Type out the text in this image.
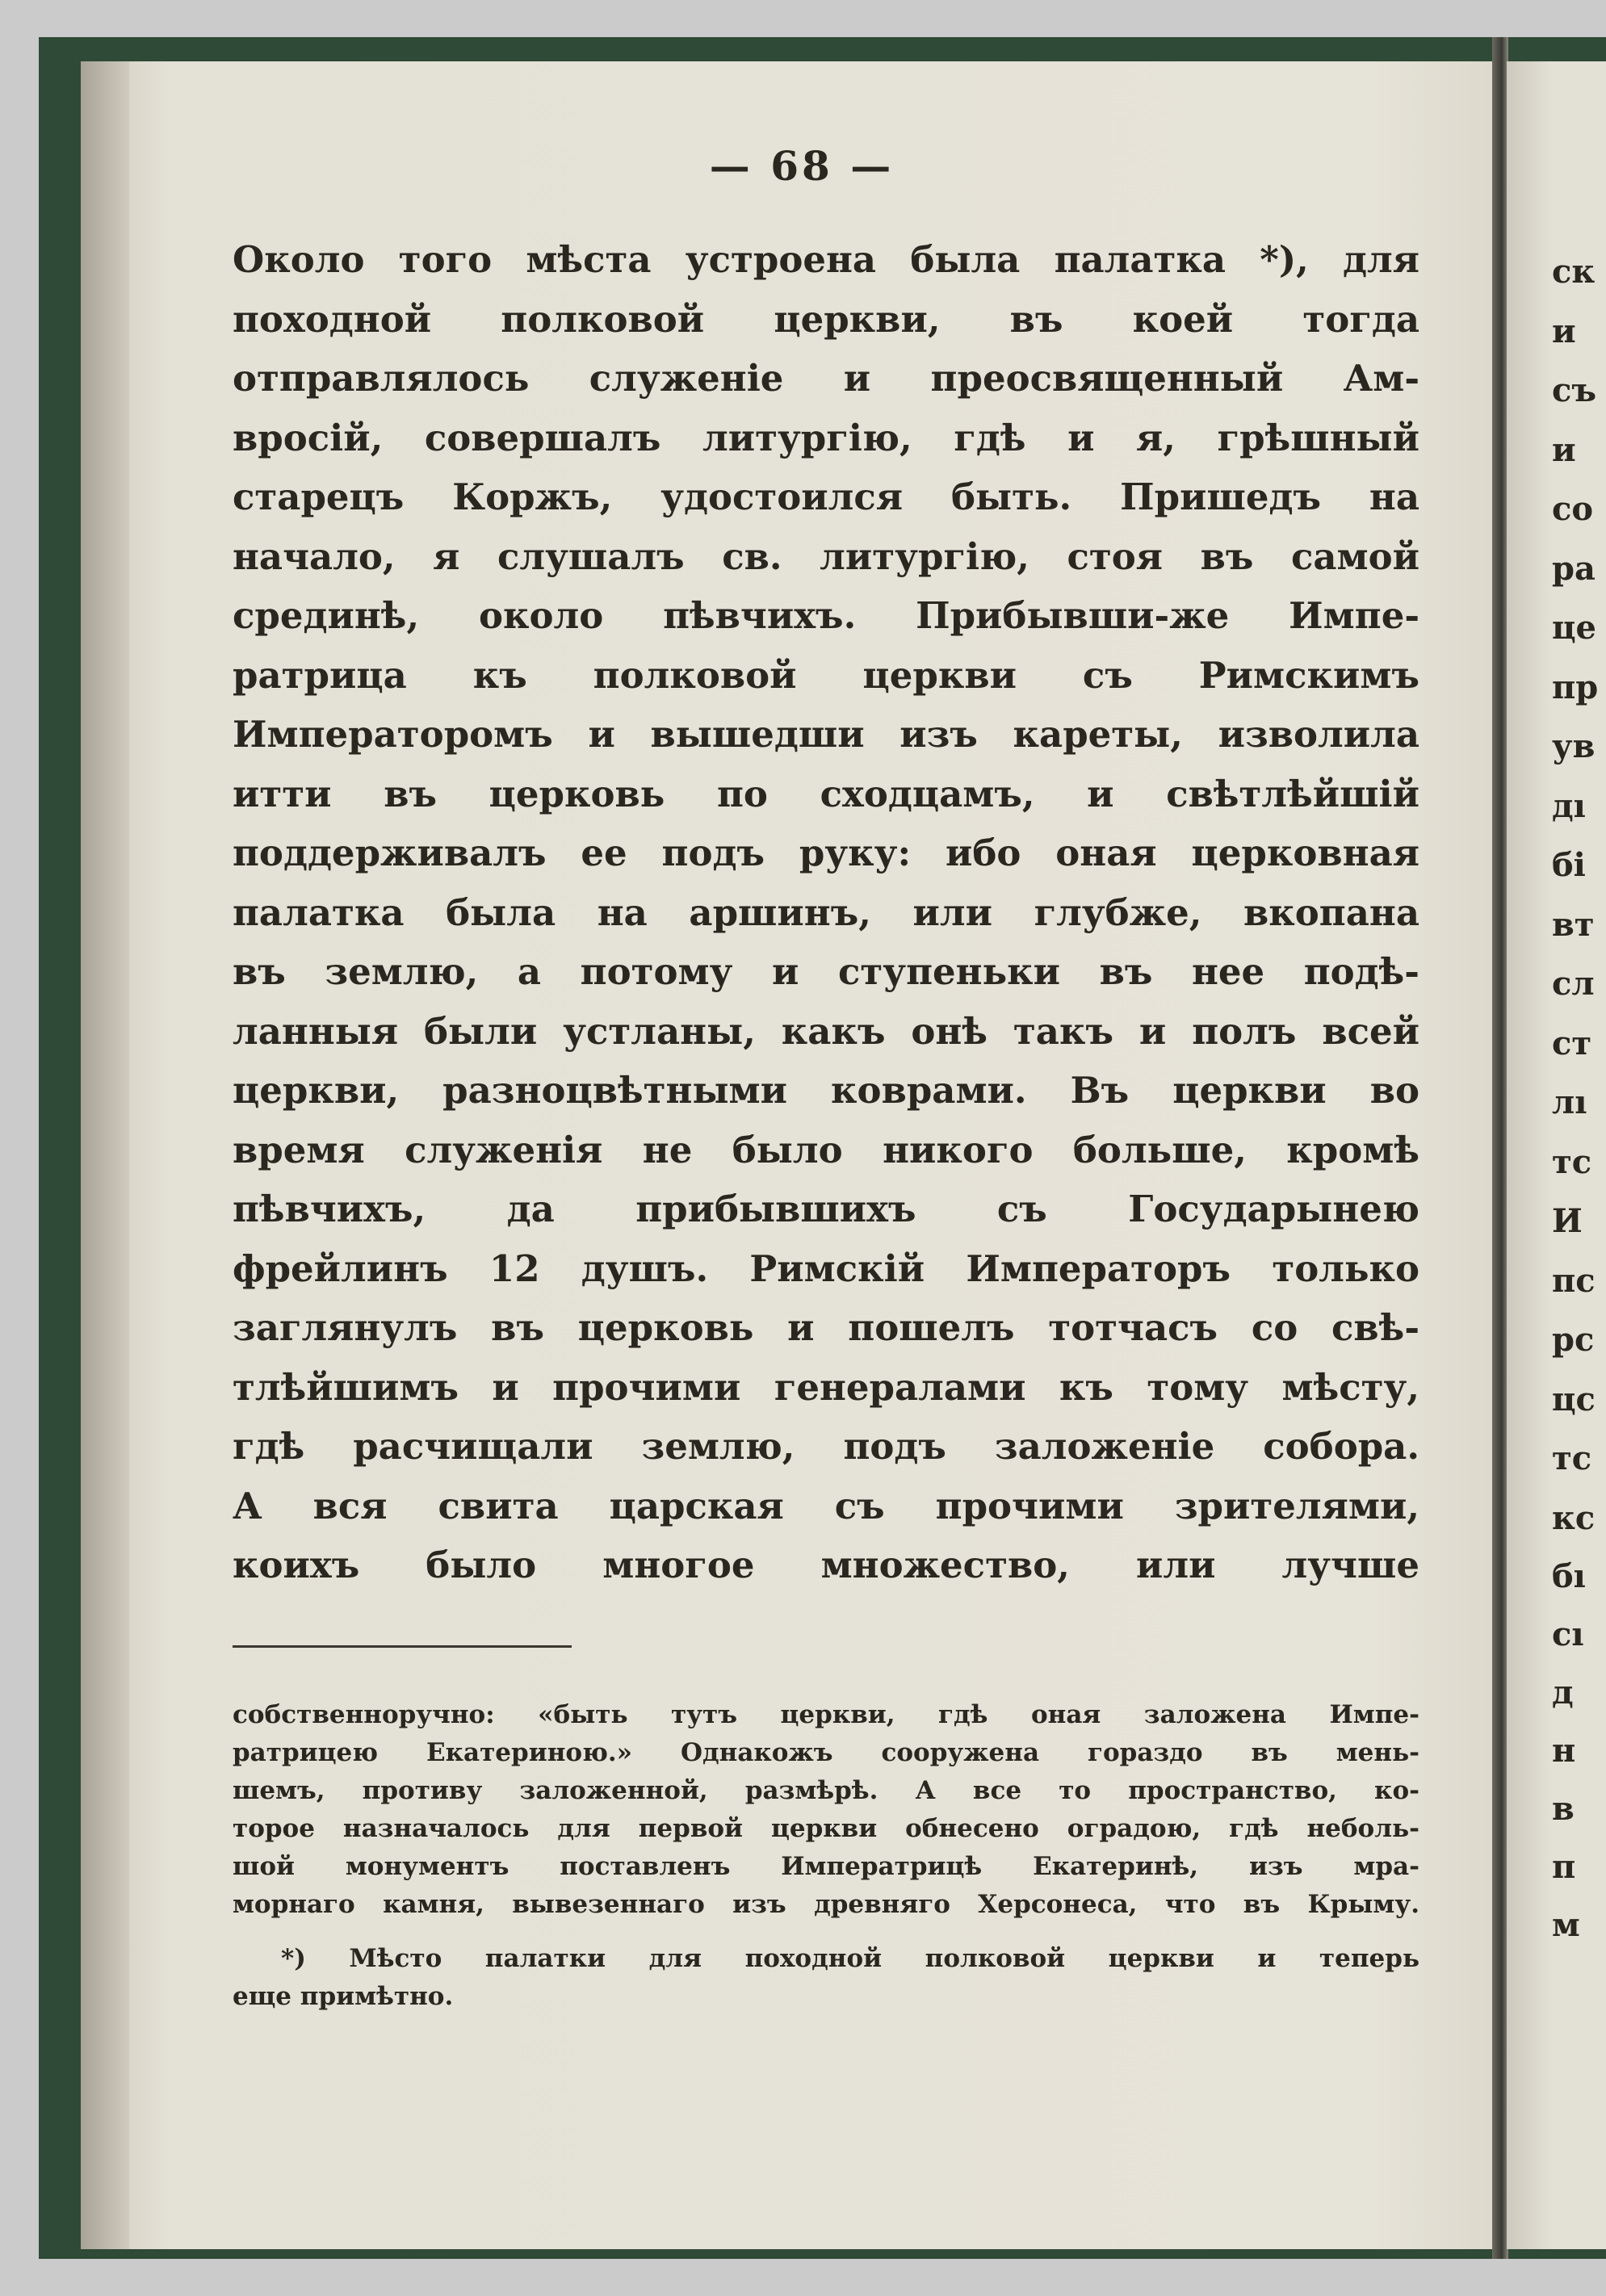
— 68 —

Около того мѣста устроена была палатка *), для

походной полковой церкви, въ коей тогда

отправлялось служеніе и преосвященный Ам-

вросій, совершалъ литургію, гдѣ и я, грѣшный

старецъ Коржъ, удостоился быть. Пришедъ на

начало, я слушалъ св. литургію, стоя въ самой

срединѣ, около пѣвчихъ. Прибывши-же Импе-

ратрица къ полковой церкви съ Римскимъ

Императоромъ и вышедши изъ кареты, изволила

итти въ церковь по сходцамъ, и свѣтлѣйшій

поддерживалъ ее подъ руку: ибо оная церковная

палатка была на аршинъ, или глубже, вкопана

въ землю, а потому и ступеньки въ нее подѣ-

ланныя были устланы, какъ онѣ такъ и полъ всей

церкви, разноцвѣтными коврами. Въ церкви во

время служенія не было никого больше, кромѣ

пѣвчихъ, да прибывшихъ съ Государынею

фрейлинъ 12 душъ. Римскій Императоръ только

заглянулъ въ церковь и пошелъ тотчасъ со свѣ-

тлѣйшимъ и прочими генералами къ тому мѣсту,

гдѣ расчищали землю, подъ заложеніе собора.

А вся свита царская съ прочими зрителями,

коихъ было многое множество, или лучше

собственноручно: «быть тутъ церкви, гдѣ оная заложена Импе-

ратрицею Екатериною.» Однакожъ сооружена гораздо въ мень-

шемъ, противу заложенной, размѣрѣ. А все то пространство, ко-

торое назначалось для первой церкви обнесено оградою, гдѣ неболь-

шой монументъ поставленъ Императрицѣ Екатеринѣ, изъ мра-

морнаго камня, вывезеннаго изъ древняго Херсонеса, что въ Крыму.

*) Мѣсто палатки для походной полковой церкви и теперь

еще примѣтно.

ск
и
съ
и
со
ра
це
пр
ув
дı
бі
вт
сл
ст
лı
тс
И
пс
рс
цс
тс
кс
бı
сı
д
н
в
п
м
